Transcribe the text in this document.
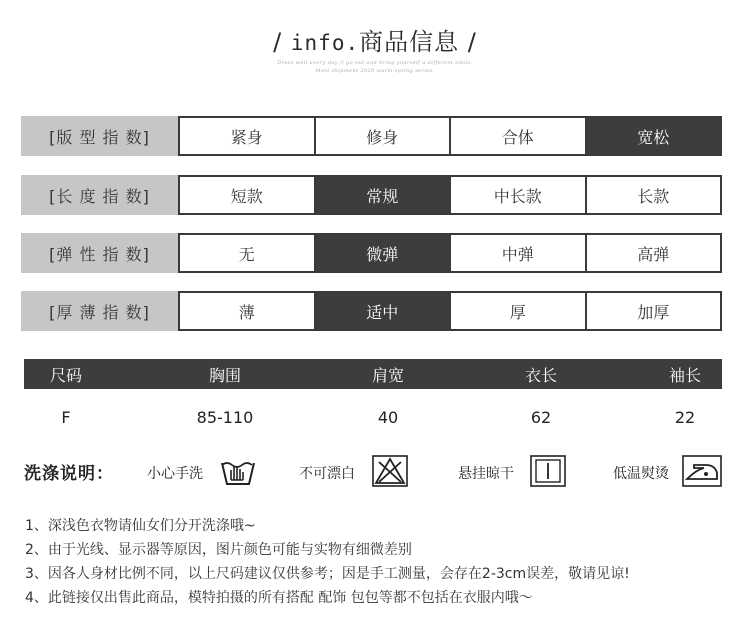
/ info.商品信息 /
Dress well every day // go out and bring yourself a different smile.
Most shipment 2020 warm spring series.
[版 型 指 数]	紧身	修身	合体	宽松
[长 度 指 数]	短款	常规	中长款	长款
[弹 性 指 数]	无	微弹	中弹	高弹
[厚 薄 指 数]	薄	适中	厚	加厚
尺码	胸围	肩宽	衣长	袖长
F	85-110	40	62	22
洗涤说明： 小心手洗	不可漂白	悬挂晾干	低温熨烫
1、深浅色衣物请仙女们分开洗涤哦~
2、由于光线、显示器等原因，图片颜色可能与实物有细微差别
3、因各人身材比例不同，以上尺码建议仅供参考；因是手工测量，会存在2-3cm误差，敬请见谅!
4、此链接仅出售此商品，模特拍摄的所有搭配 配饰 包包等都不包括在衣服内哦～
